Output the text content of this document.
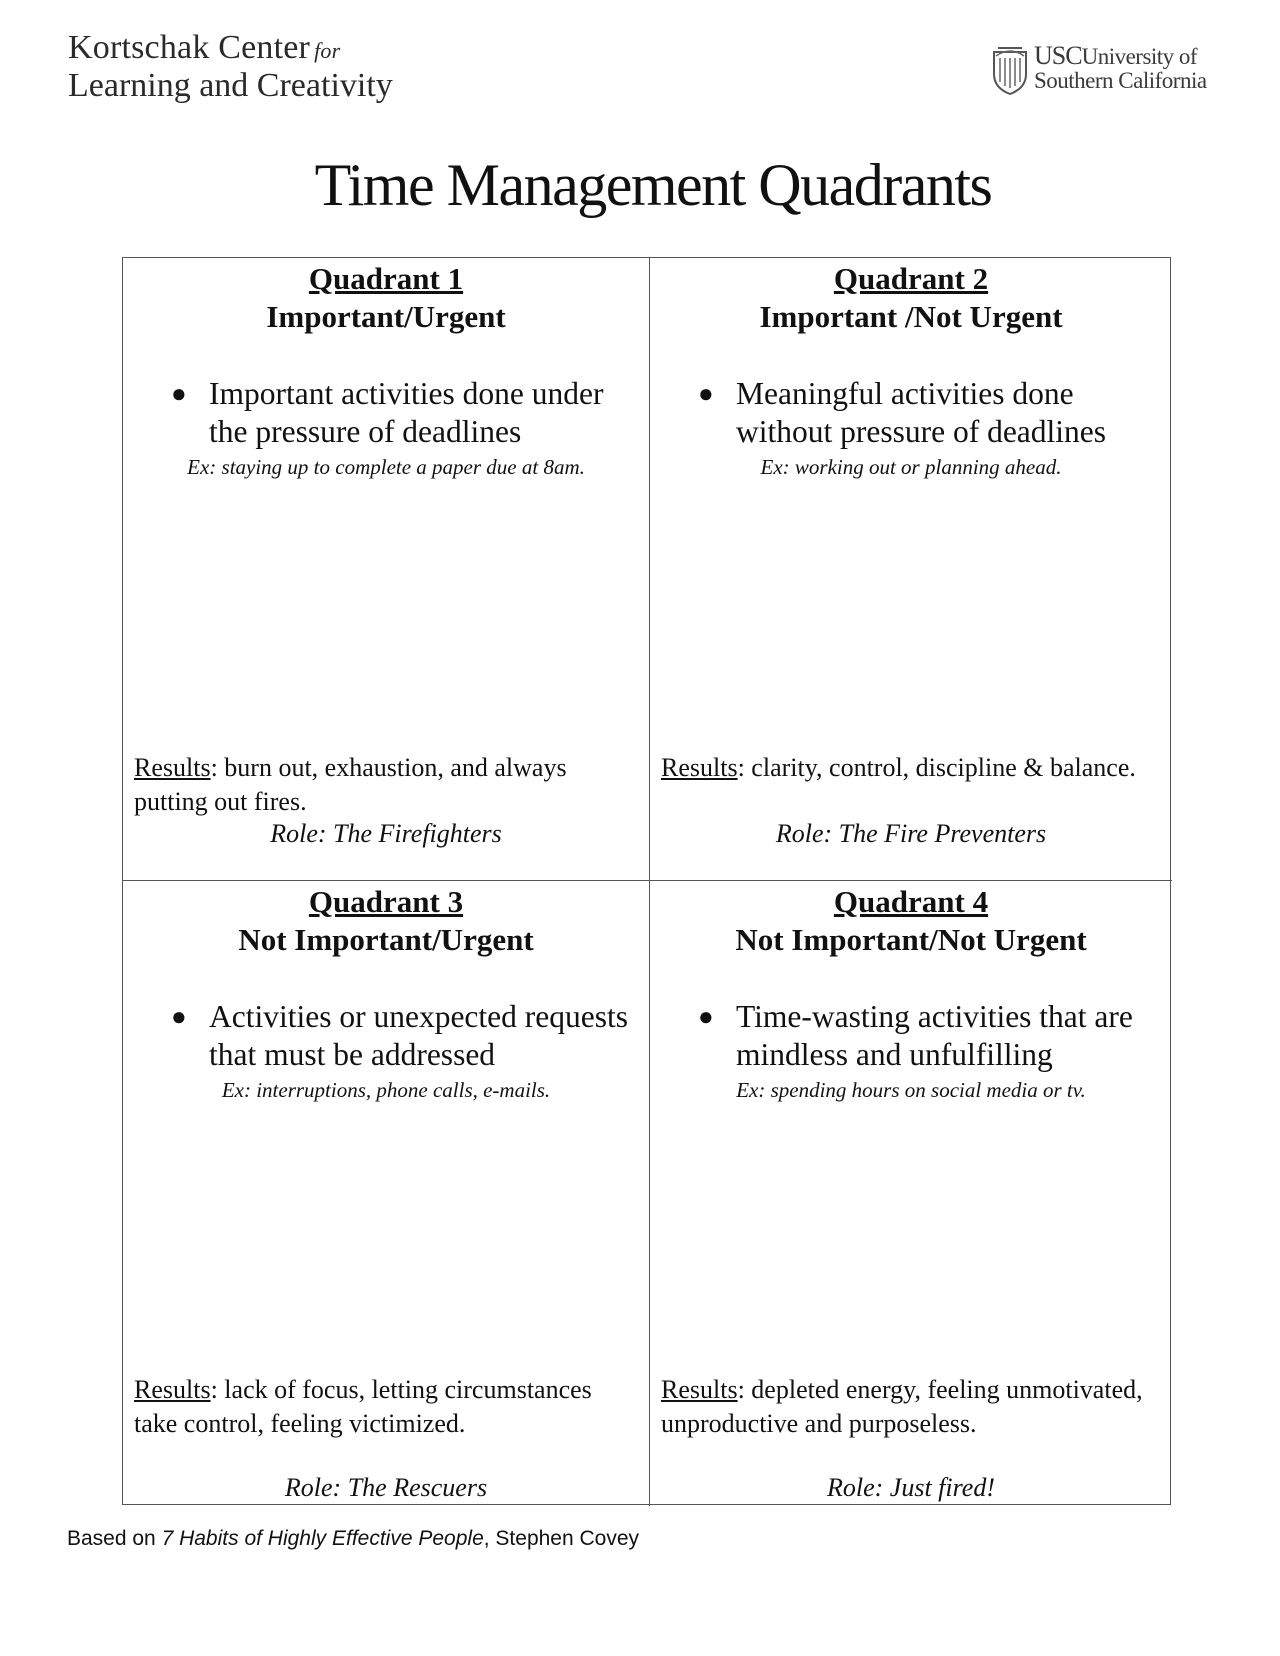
Kortschak Center for
Learning and Creativity
USCUniversity of
Southern California
Time Management Quadrants
Quadrant 1
Important/Urgent
● Important activities done under the pressure of deadlines
Ex: staying up to complete a paper due at 8am.
Results: burn out, exhaustion, and always putting out fires.
Role: The Firefighters
Quadrant 2
Important /Not Urgent
● Meaningful activities done without pressure of deadlines
Ex: working out or planning ahead.
Results: clarity, control, discipline & balance.
Role: The Fire Preventers
Quadrant 3
Not Important/Urgent
● Activities or unexpected requests that must be addressed
Ex: interruptions, phone calls, e-mails.
Results: lack of focus, letting circumstances take control, feeling victimized.
Role: The Rescuers
Quadrant 4
Not Important/Not Urgent
● Time-wasting activities that are mindless and unfulfilling
Ex: spending hours on social media or tv.
Results: depleted energy, feeling unmotivated, unproductive and purposeless.
Role: Just fired!
Based on 7 Habits of Highly Effective People, Stephen Covey
